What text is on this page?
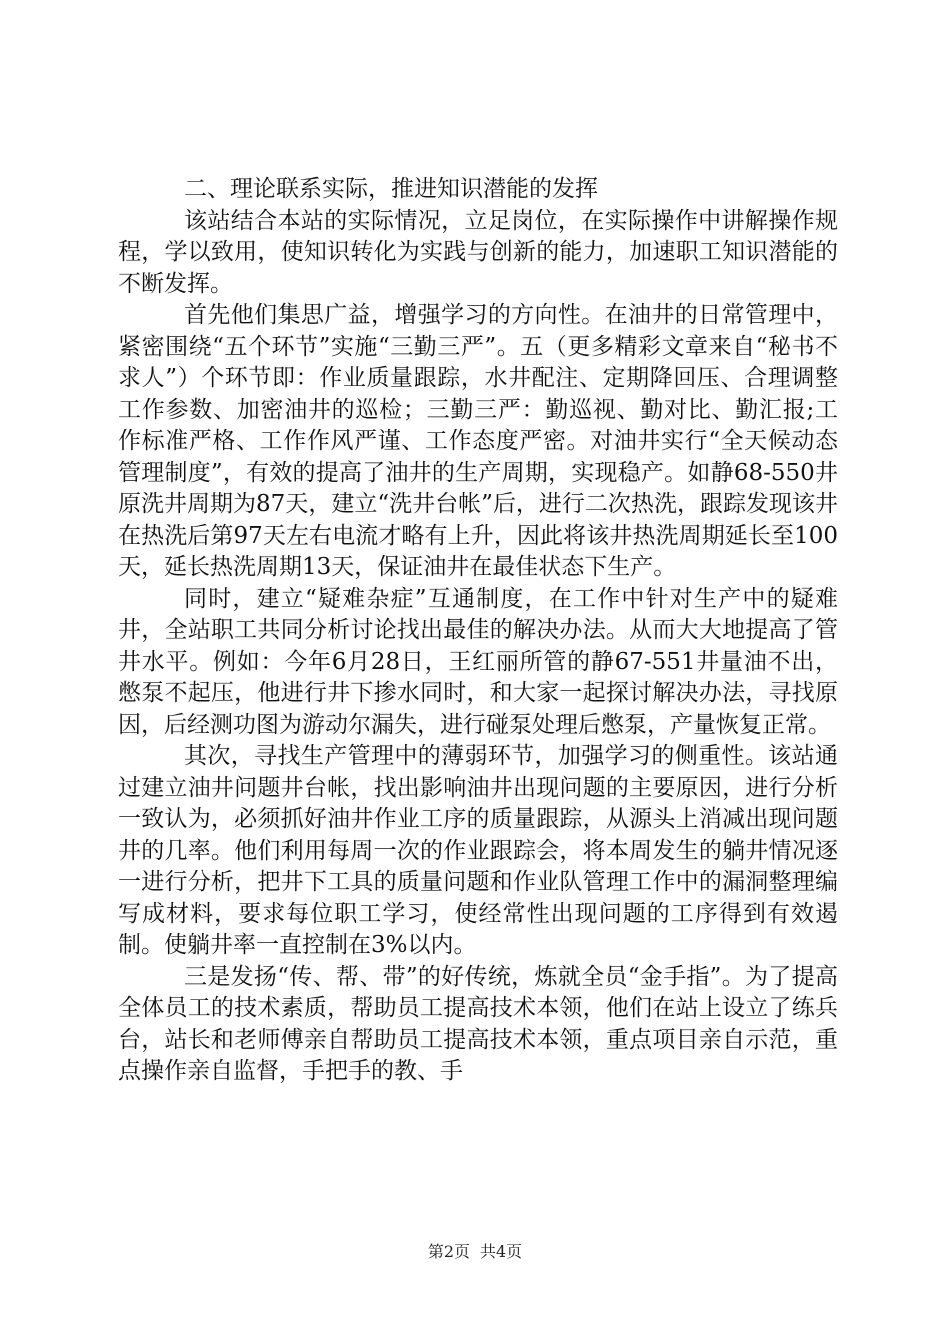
二、理论联系实际，推进知识潜能的发挥

该站结合本站的实际情况，立足岗位，在实际操作中讲解操作规程，学以致用，使知识转化为实践与创新的能力，加速职工知识潜能的不断发挥。

首先他们集思广益，增强学习的方向性。在油井的日常管理中，紧密围绕“五个环节”实施“三勤三严”。五（更多精彩文章来自“秘书不求人”）个环节即：作业质量跟踪，水井配注、定期降回压、合理调整工作参数、加密油井的巡检；三勤三严：勤巡视、勤对比、勤汇报;工作标准严格、工作作风严谨、工作态度严密。对油井实行“全天候动态管理制度”，有效的提高了油井的生产周期，实现稳产。如静68-550井原洗井周期为87天，建立“洗井台帐”后，进行二次热洗，跟踪发现该井在热洗后第97天左右电流才略有上升，因此将该井热洗周期延长至100天，延长热洗周期13天，保证油井在最佳状态下生产。

同时，建立“疑难杂症”互通制度，在工作中针对生产中的疑难井，全站职工共同分析讨论找出最佳的解决办法。从而大大地提高了管井水平。例如：今年6月28日，王红丽所管的静67-551井量油不出，憋泵不起压，他进行井下掺水同时，和大家一起探讨解决办法，寻找原因，后经测功图为游动尔漏失，进行碰泵处理后憋泵，产量恢复正常。

其次，寻找生产管理中的薄弱环节，加强学习的侧重性。该站通过建立油井问题井台帐，找出影响油井出现问题的主要原因，进行分析一致认为，必须抓好油井作业工序的质量跟踪，从源头上消减出现问题井的几率。他们利用每周一次的作业跟踪会，将本周发生的躺井情况逐一进行分析，把井下工具的质量问题和作业队管理工作中的漏洞整理编写成材料，要求每位职工学习，使经常性出现问题的工序得到有效遏制。使躺井率一直控制在3%以内。

三是发扬“传、帮、带”的好传统，炼就全员“金手指”。为了提高全体员工的技术素质，帮助员工提高技术本领，他们在站上设立了练兵台，站长和老师傅亲自帮助员工提高技术本领，重点项目亲自示范，重点操作亲自监督，手把手的教、手

第2页 共4页
